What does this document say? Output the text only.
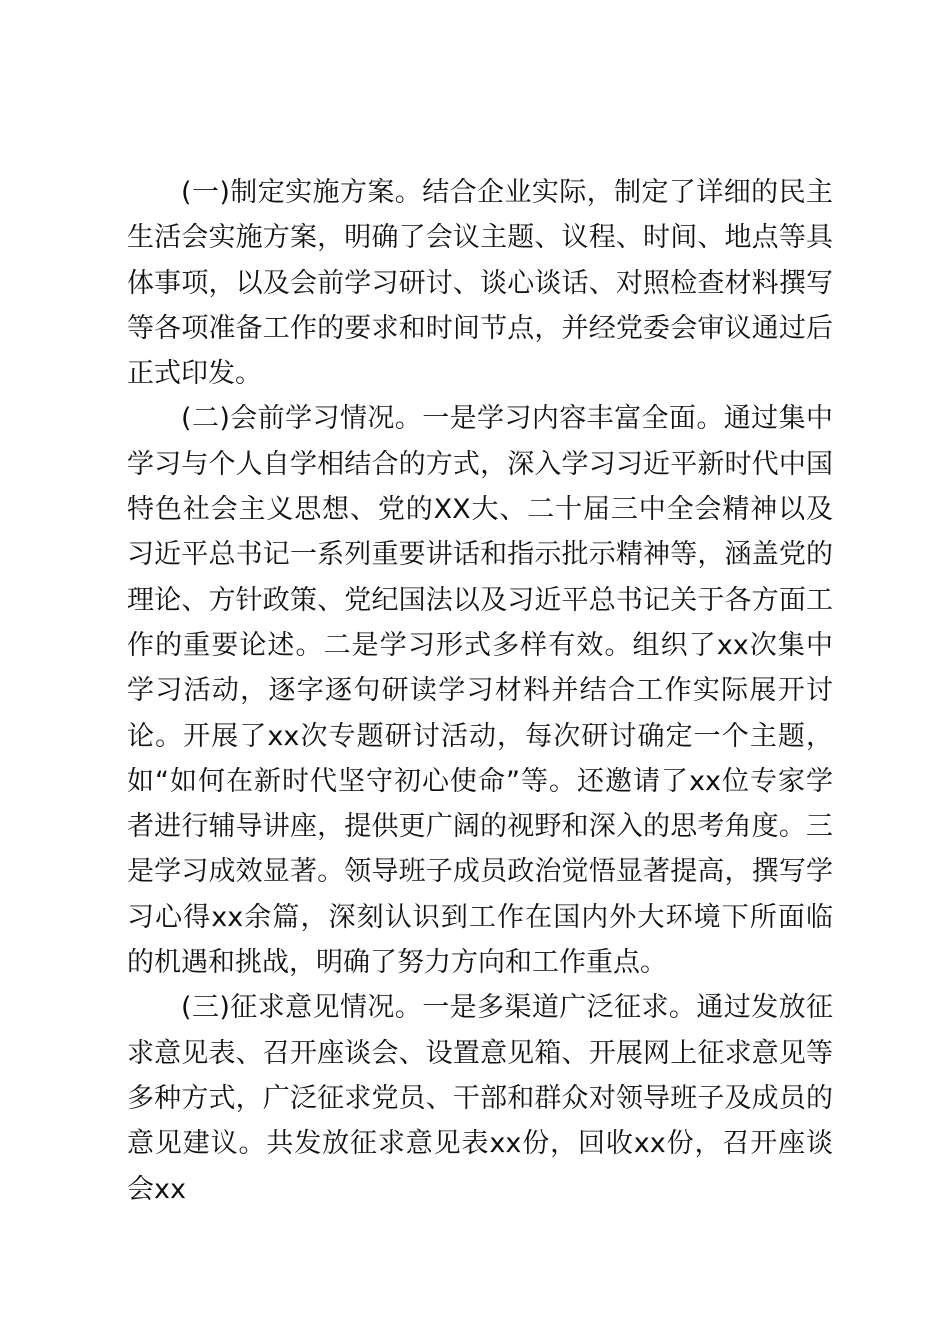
(一)制定实施方案。结合企业实际，制定了详细的民主生活会实施方案，明确了会议主题、议程、时间、地点等具体事项，以及会前学习研讨、谈心谈话、对照检查材料撰写等各项准备工作的要求和时间节点，并经党委会审议通过后正式印发。

(二)会前学习情况。一是学习内容丰富全面。通过集中学习与个人自学相结合的方式，深入学习习近平新时代中国特色社会主义思想、党的XX大、二十届三中全会精神以及习近平总书记一系列重要讲话和指示批示精神等，涵盖党的理论、方针政策、党纪国法以及习近平总书记关于各方面工作的重要论述。二是学习形式多样有效。组织了xx次集中学习活动，逐字逐句研读学习材料并结合工作实际展开讨论。开展了xx次专题研讨活动，每次研讨确定一个主题，如“如何在新时代坚守初心使命”等。还邀请了xx位专家学者进行辅导讲座，提供更广阔的视野和深入的思考角度。三是学习成效显著。领导班子成员政治觉悟显著提高，撰写学习心得xx余篇，深刻认识到工作在国内外大环境下所面临的机遇和挑战，明确了努力方向和工作重点。

(三)征求意见情况。一是多渠道广泛征求。通过发放征求意见表、召开座谈会、设置意见箱、开展网上征求意见等多种方式，广泛征求党员、干部和群众对领导班子及成员的意见建议。共发放征求意见表xx份，回收xx份，召开座谈会xx
